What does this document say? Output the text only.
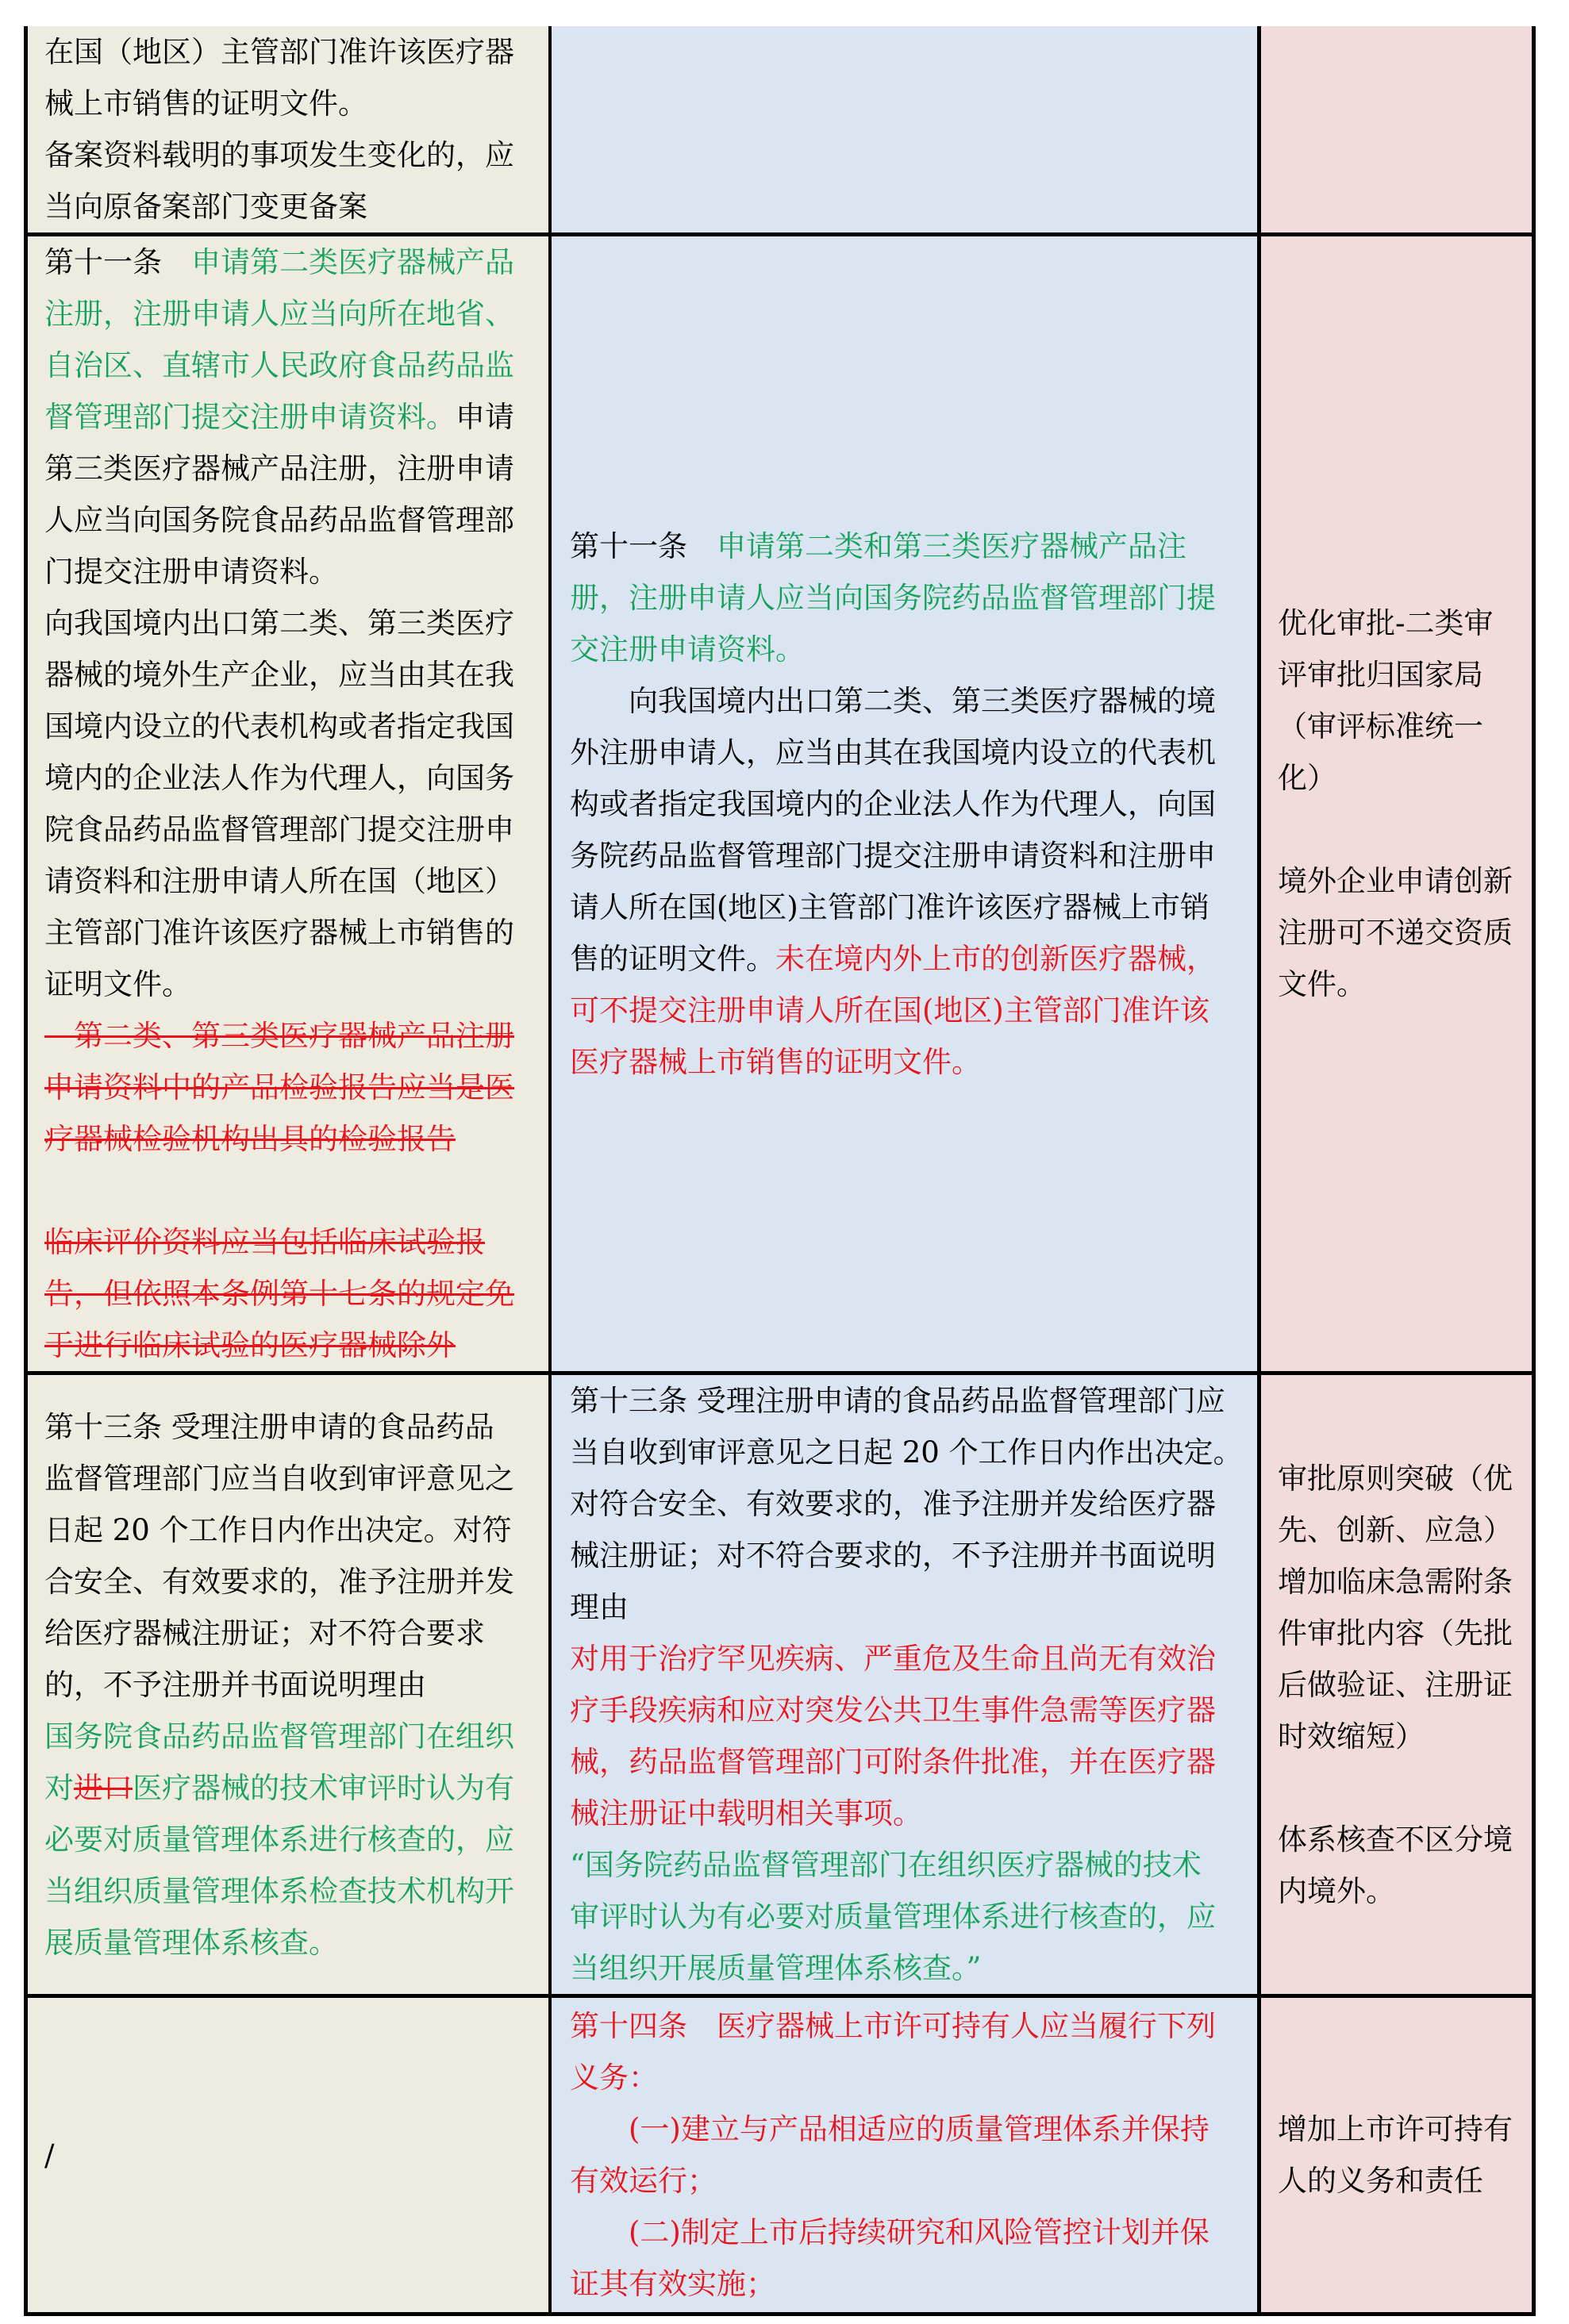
在国（地区）主管部门准许该医疗器
械上市销售的证明文件。
备案资料载明的事项发生变化的，应
当向原备案部门变更备案
第十一条　申请第二类医疗器械产品
注册，注册申请人应当向所在地省、
自治区、直辖市人民政府食品药品监
督管理部门提交注册申请资料。申请
第三类医疗器械产品注册，注册申请
人应当向国务院食品药品监督管理部
门提交注册申请资料。
向我国境内出口第二类、第三类医疗
器械的境外生产企业，应当由其在我
国境内设立的代表机构或者指定我国
境内的企业法人作为代理人，向国务
院食品药品监督管理部门提交注册申
请资料和注册申请人所在国（地区）
主管部门准许该医疗器械上市销售的
证明文件。
　第二类、第三类医疗器械产品注册
申请资料中的产品检验报告应当是医
疗器械检验机构出具的检验报告
临床评价资料应当包括临床试验报
告，但依照本条例第十七条的规定免
于进行临床试验的医疗器械除外
第十一条　申请第二类和第三类医疗器械产品注
册，注册申请人应当向国务院药品监督管理部门提
交注册申请资料。
　　向我国境内出口第二类、第三类医疗器械的境
外注册申请人，应当由其在我国境内设立的代表机
构或者指定我国境内的企业法人作为代理人，向国
务院药品监督管理部门提交注册申请资料和注册申
请人所在国(地区)主管部门准许该医疗器械上市销
售的证明文件。未在境内外上市的创新医疗器械，
可不提交注册申请人所在国(地区)主管部门准许该
医疗器械上市销售的证明文件。
优化审批-二类审
评审批归国家局
（审评标准统一
化）
境外企业申请创新
注册可不递交资质
文件。
第十三条 受理注册申请的食品药品
监督管理部门应当自收到审评意见之
日起 20 个工作日内作出决定。对符
合安全、有效要求的，准予注册并发
给医疗器械注册证；对不符合要求
的，不予注册并书面说明理由
国务院食品药品监督管理部门在组织
对进口医疗器械的技术审评时认为有
必要对质量管理体系进行核查的，应
当组织质量管理体系检查技术机构开
展质量管理体系核查。
第十三条 受理注册申请的食品药品监督管理部门应
当自收到审评意见之日起 20 个工作日内作出决定。
对符合安全、有效要求的，准予注册并发给医疗器
械注册证；对不符合要求的，不予注册并书面说明
理由
对用于治疗罕见疾病、严重危及生命且尚无有效治
疗手段疾病和应对突发公共卫生事件急需等医疗器
械，药品监督管理部门可附条件批准，并在医疗器
械注册证中载明相关事项。
“国务院药品监督管理部门在组织医疗器械的技术
审评时认为有必要对质量管理体系进行核查的，应
当组织开展质量管理体系核查。”
审批原则突破（优
先、创新、应急）
增加临床急需附条
件审批内容（先批
后做验证、注册证
时效缩短）
体系核查不区分境
内境外。
/
第十四条　医疗器械上市许可持有人应当履行下列
义务：
　　(一)建立与产品相适应的质量管理体系并保持
有效运行；
　　(二)制定上市后持续研究和风险管控计划并保
证其有效实施；
增加上市许可持有
人的义务和责任
